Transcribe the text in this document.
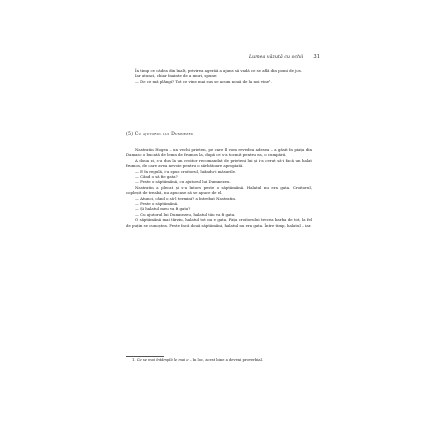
Lumea văzută cu ochii 31

În timp ce cădea din înalt, privirea agerăă a ajuns să vadă ce se află din pomi de jos.

Iar atunci, chiar înainte de a muri, spune:

— De ce mă plângi? Tot ce vine mai sus se acum nouă de la noi vine¹.

(5) Cu ajutorul lui Dumnezeu

Nastratin Hogea – un vechi prieten, pe care îl vom revedea adesea – a găsit în piața din Damasc o bucată de lemn de frumos la, după ce s-a tocmit pentru ea, o cumpără.

A doua zi, s-a dus la un croitor recomandat de prieteni lui și i-a cerut să-i facă un halat frumos, de care avea nevoie pentru o sărbătoare apropiată.

— E în regulă, i-a spus croitorul, luându-i măsurile.

— Când o să fie gata?

— Peste o săptămână, cu ajutorul lui Dumnezeu.

Nastratin a plecat și s-a întors peste o săptămână. Halatul nu era gata. Croitorul, copleșit de treabă, nu apucase să se apuce de el.

— Atunci, când o să-l termini? a întrebat Nastratin.

— Peste o săptămână.

— Și halatul meu va fi gata?

— Cu ajutorul lui Dumnezeu, halatul tău va fi gata.

O săptămână mai târziu, halatul tot nu e gata. Fața croitorului trecea barba de tot, la fel de puțin se cunoștea. Peste încă două săptămâni, halatul nu era gata. Între timp, halatul – iar.

1. Ce se mai întâmplă le mai e – în loc, acest bine a deveni proverbial.
